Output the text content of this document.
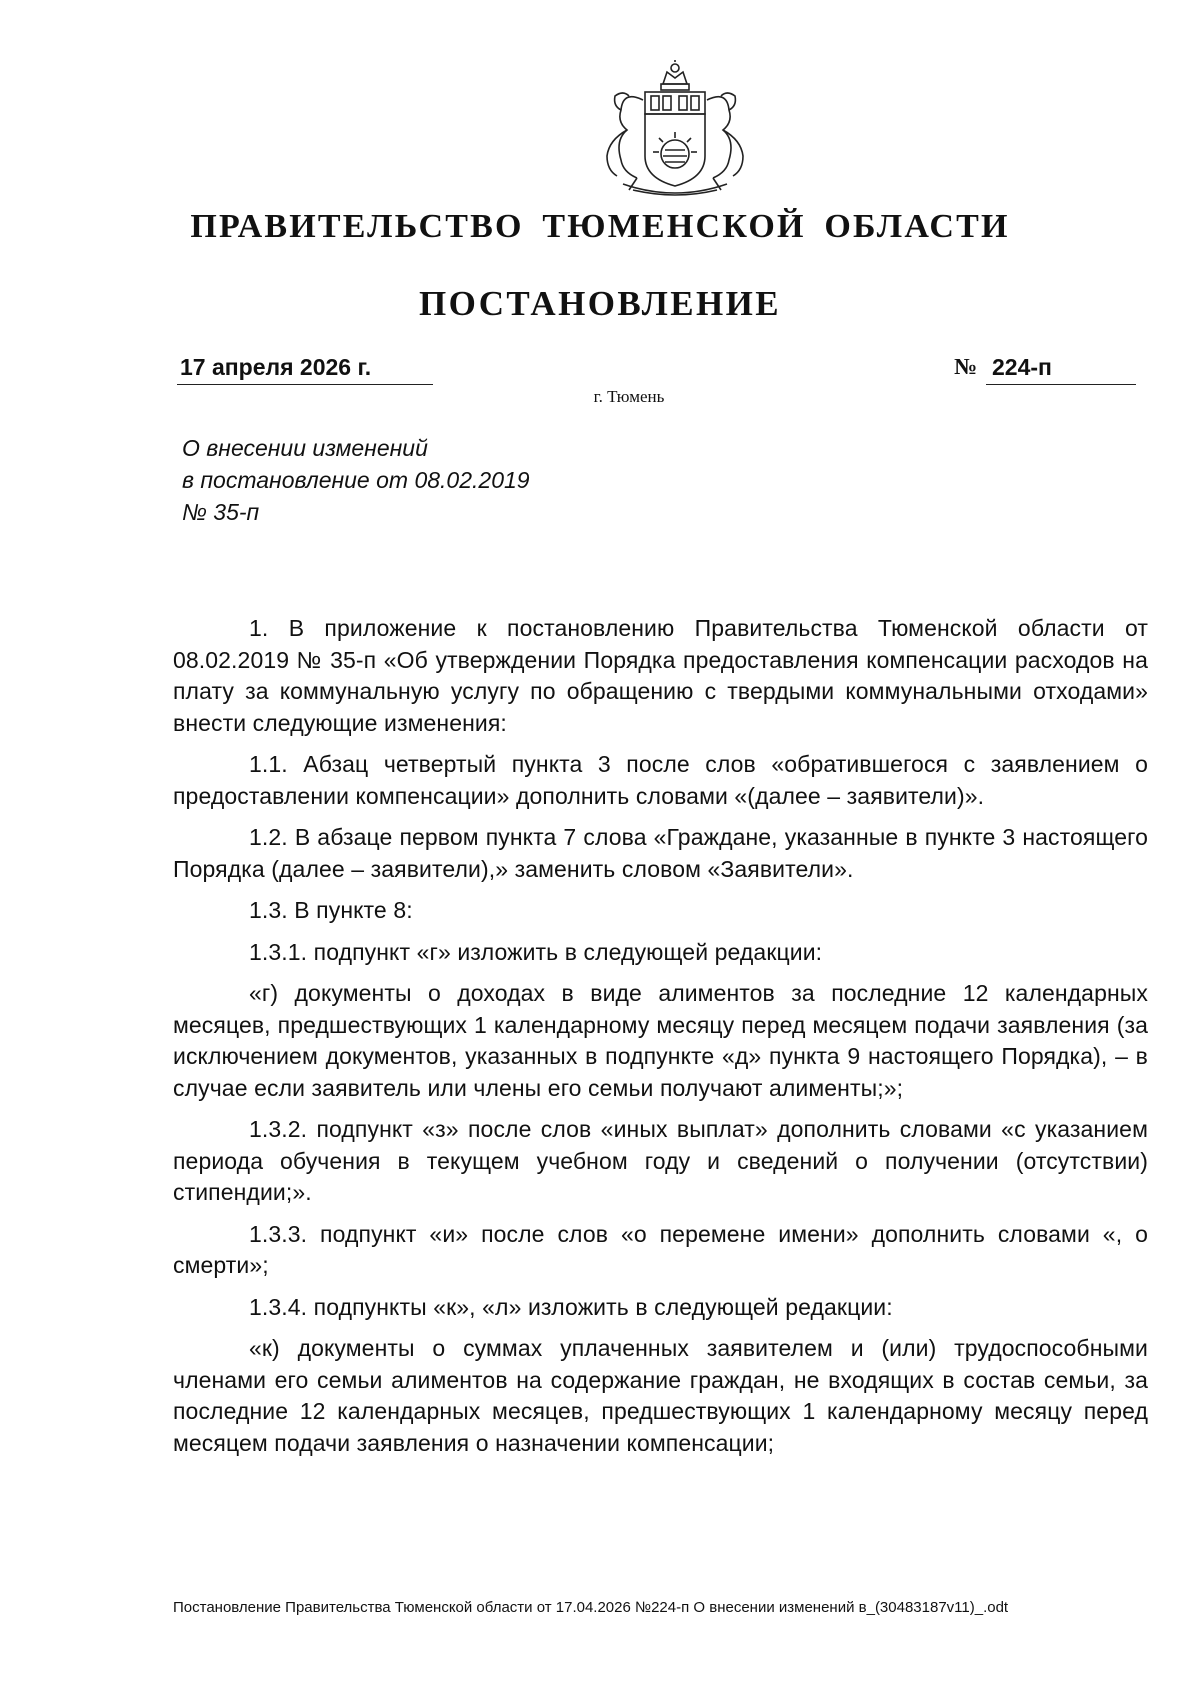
ПРАВИТЕЛЬСТВО ТЮМЕНСКОЙ ОБЛАСТИ
ПОСТАНОВЛЕНИЕ
17 апреля 2026 г.	№ 224-п
г. Тюмень
О внесении изменений
в постановление от 08.02.2019
№ 35-п

1. В приложение к постановлению Правительства Тюменской области от 08.02.2019 № 35-п «Об утверждении Порядка предоставления компенсации расходов на плату за коммунальную услугу по обращению с твердыми коммунальными отходами» внести следующие изменения:

1.1. Абзац четвертый пункта 3 после слов «обратившегося с заявлением о предоставлении компенсации» дополнить словами «(далее – заявители)».

1.2. В абзаце первом пункта 7 слова «Граждане, указанные в пункте 3 настоящего Порядка (далее – заявители),» заменить словом «Заявители».

1.3. В пункте 8:

1.3.1. подпункт «г» изложить в следующей редакции:

«г) документы о доходах в виде алиментов за последние 12 календарных месяцев, предшествующих 1 календарному месяцу перед месяцем подачи заявления (за исключением документов, указанных в подпункте «д» пункта 9 настоящего Порядка), – в случае если заявитель или члены его семьи получают алименты;»;

1.3.2. подпункт «з» после слов «иных выплат» дополнить словами «с указанием периода обучения в текущем учебном году и сведений о получении (отсутствии) стипендии;».

1.3.3. подпункт «и» после слов «о перемене имени» дополнить словами «, о смерти»;

1.3.4. подпункты «к», «л» изложить в следующей редакции:

«к) документы о суммах уплаченных заявителем и (или) трудоспособными членами его семьи алиментов на содержание граждан, не входящих в состав семьи, за последние 12 календарных месяцев, предшествующих 1 календарному месяцу перед месяцем подачи заявления о назначении компенсации;

Постановление Правительства Тюменской области от 17.04.2026 №224-п О внесении изменений в_(30483187v11)_.odt
